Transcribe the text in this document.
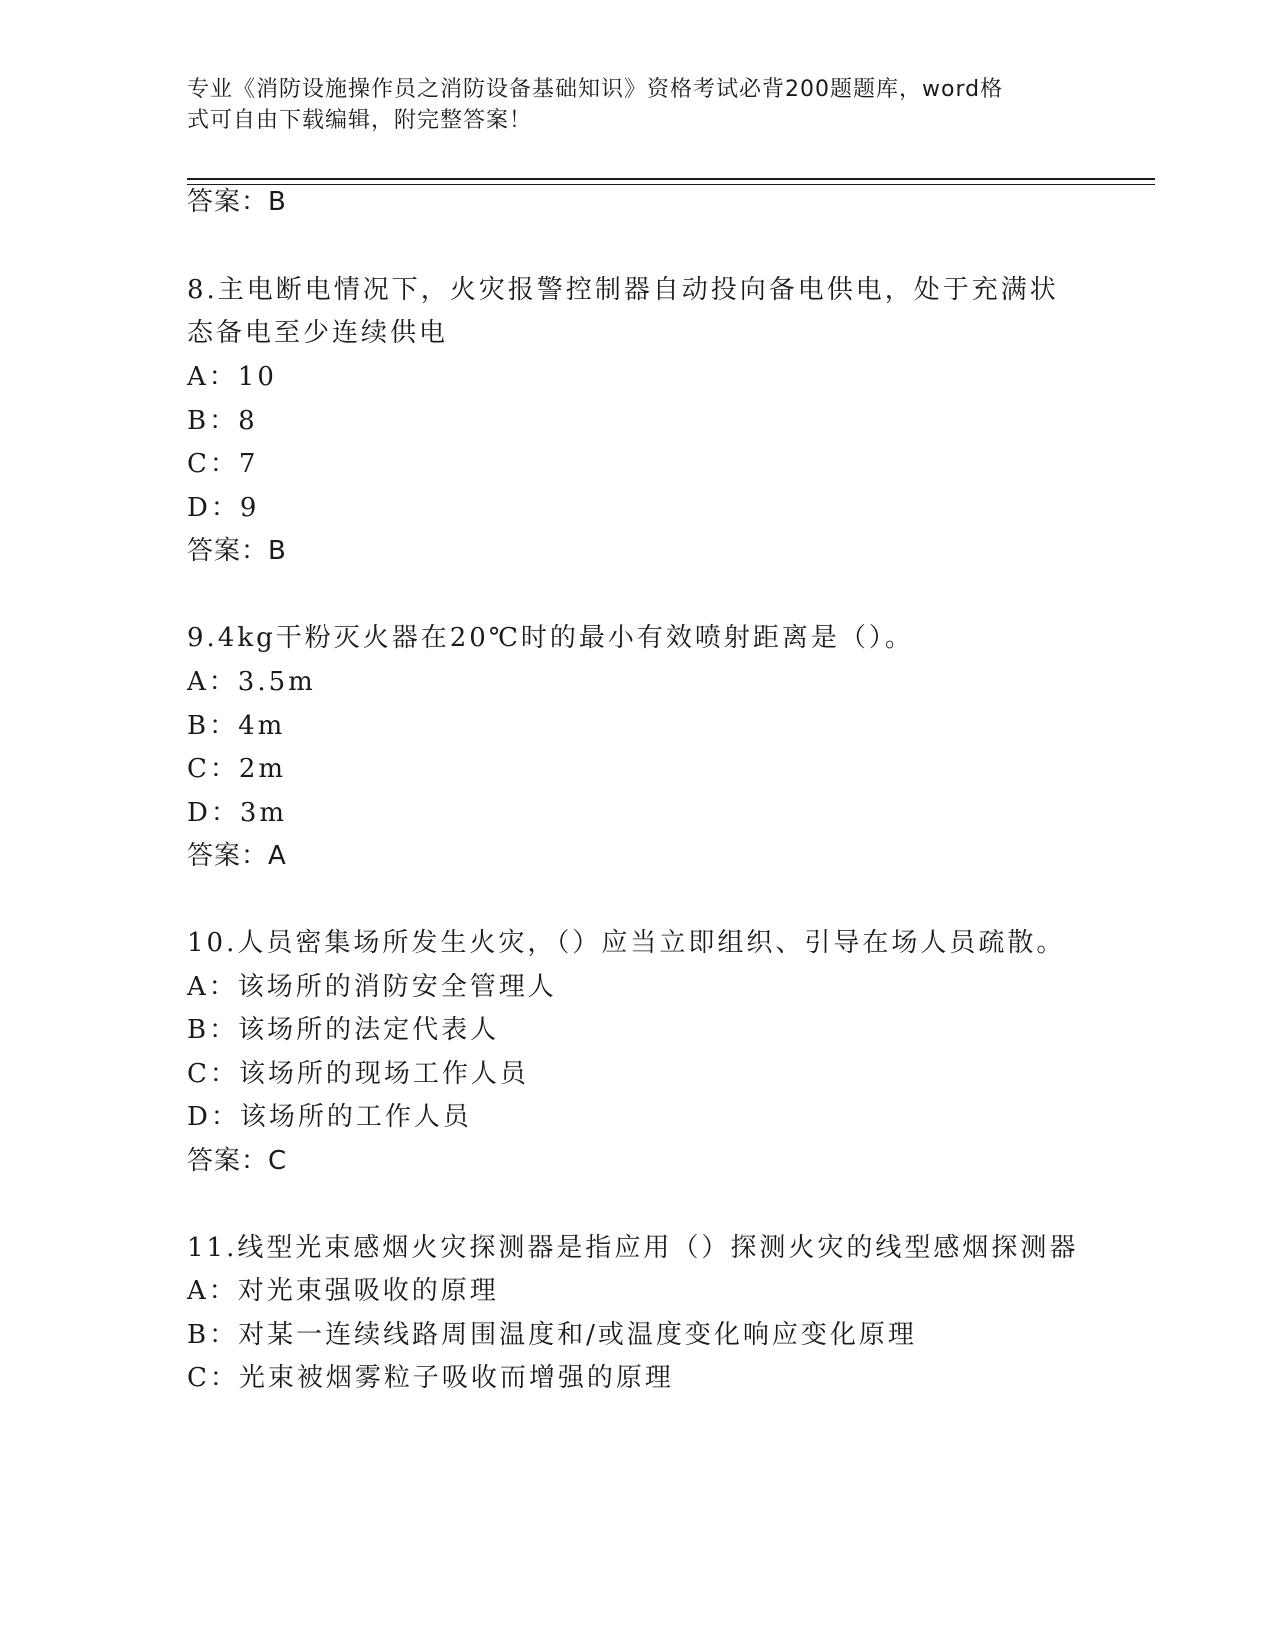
专业《消防设施操作员之消防设备基础知识》资格考试必背200题题库，word格
式可自由下载编辑，附完整答案！
答案：B
8.主电断电情况下，火灾报警控制器自动投向备电供电，处于充满状
态备电至少连续供电
A：10
B：8
C：7
D：9
答案：B
9.4kg干粉灭火器在20℃时的最小有效喷射距离是（）。
A：3.5m
B：4m
C：2m
D：3m
答案：A
10.人员密集场所发生火灾，（）应当立即组织、引导在场人员疏散。
A：该场所的消防安全管理人
B：该场所的法定代表人
C：该场所的现场工作人员
D：该场所的工作人员
答案：C
11.线型光束感烟火灾探测器是指应用（）探测火灾的线型感烟探测器
A：对光束强吸收的原理
B：对某一连续线路周围温度和/或温度变化响应变化原理
C：光束被烟雾粒子吸收而增强的原理
